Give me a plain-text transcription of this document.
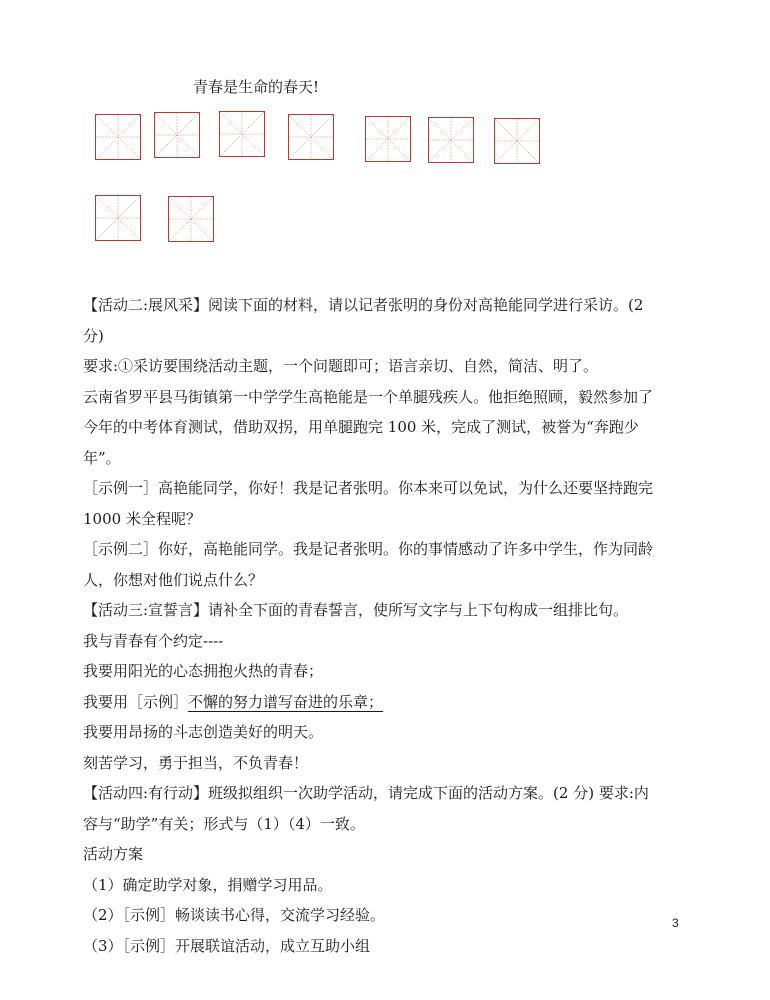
青春是生命的春天!

【活动二:展风采】阅读下面的材料，请以记者张明的身份对高艳能同学进行采访。(2

分)

要求:①采访要围绕活动主题，一个问题即可；语言亲切、自然，简洁、明了。

云南省罗平县马街镇第一中学学生高艳能是一个单腿残疾人。他拒绝照顾，毅然参加了

今年的中考体育测试，借助双拐，用单腿跑完 100 米，完成了测试，被誉为“奔跑少

年”。

［示例一］高艳能同学，你好！我是记者张明。你本来可以免试，为什么还要坚持跑完

1000 米全程呢？

［示例二］你好，高艳能同学。我是记者张明。你的事情感动了许多中学生，作为同龄

人，你想对他们说点什么？

【活动三:宣誓言】请补全下面的青春誓言，使所写文字与上下句构成一组排比句。

我与青春有个约定----

我要用阳光的心态拥抱火热的青春；

我要用［示例］不懈的努力谱写奋进的乐章；

我要用昂扬的斗志创造美好的明天。

刻苦学习，勇于担当，不负青春！

【活动四:有行动】班级拟组织一次助学活动，请完成下面的活动方案。(2 分) 要求:内

容与“助学”有关；形式与（1）（4）一致。

活动方案

（1）确定助学对象，捐赠学习用品。

（2）［示例］畅谈读书心得，交流学习经验。

（3）［示例］开展联谊活动，成立互助小组

3
